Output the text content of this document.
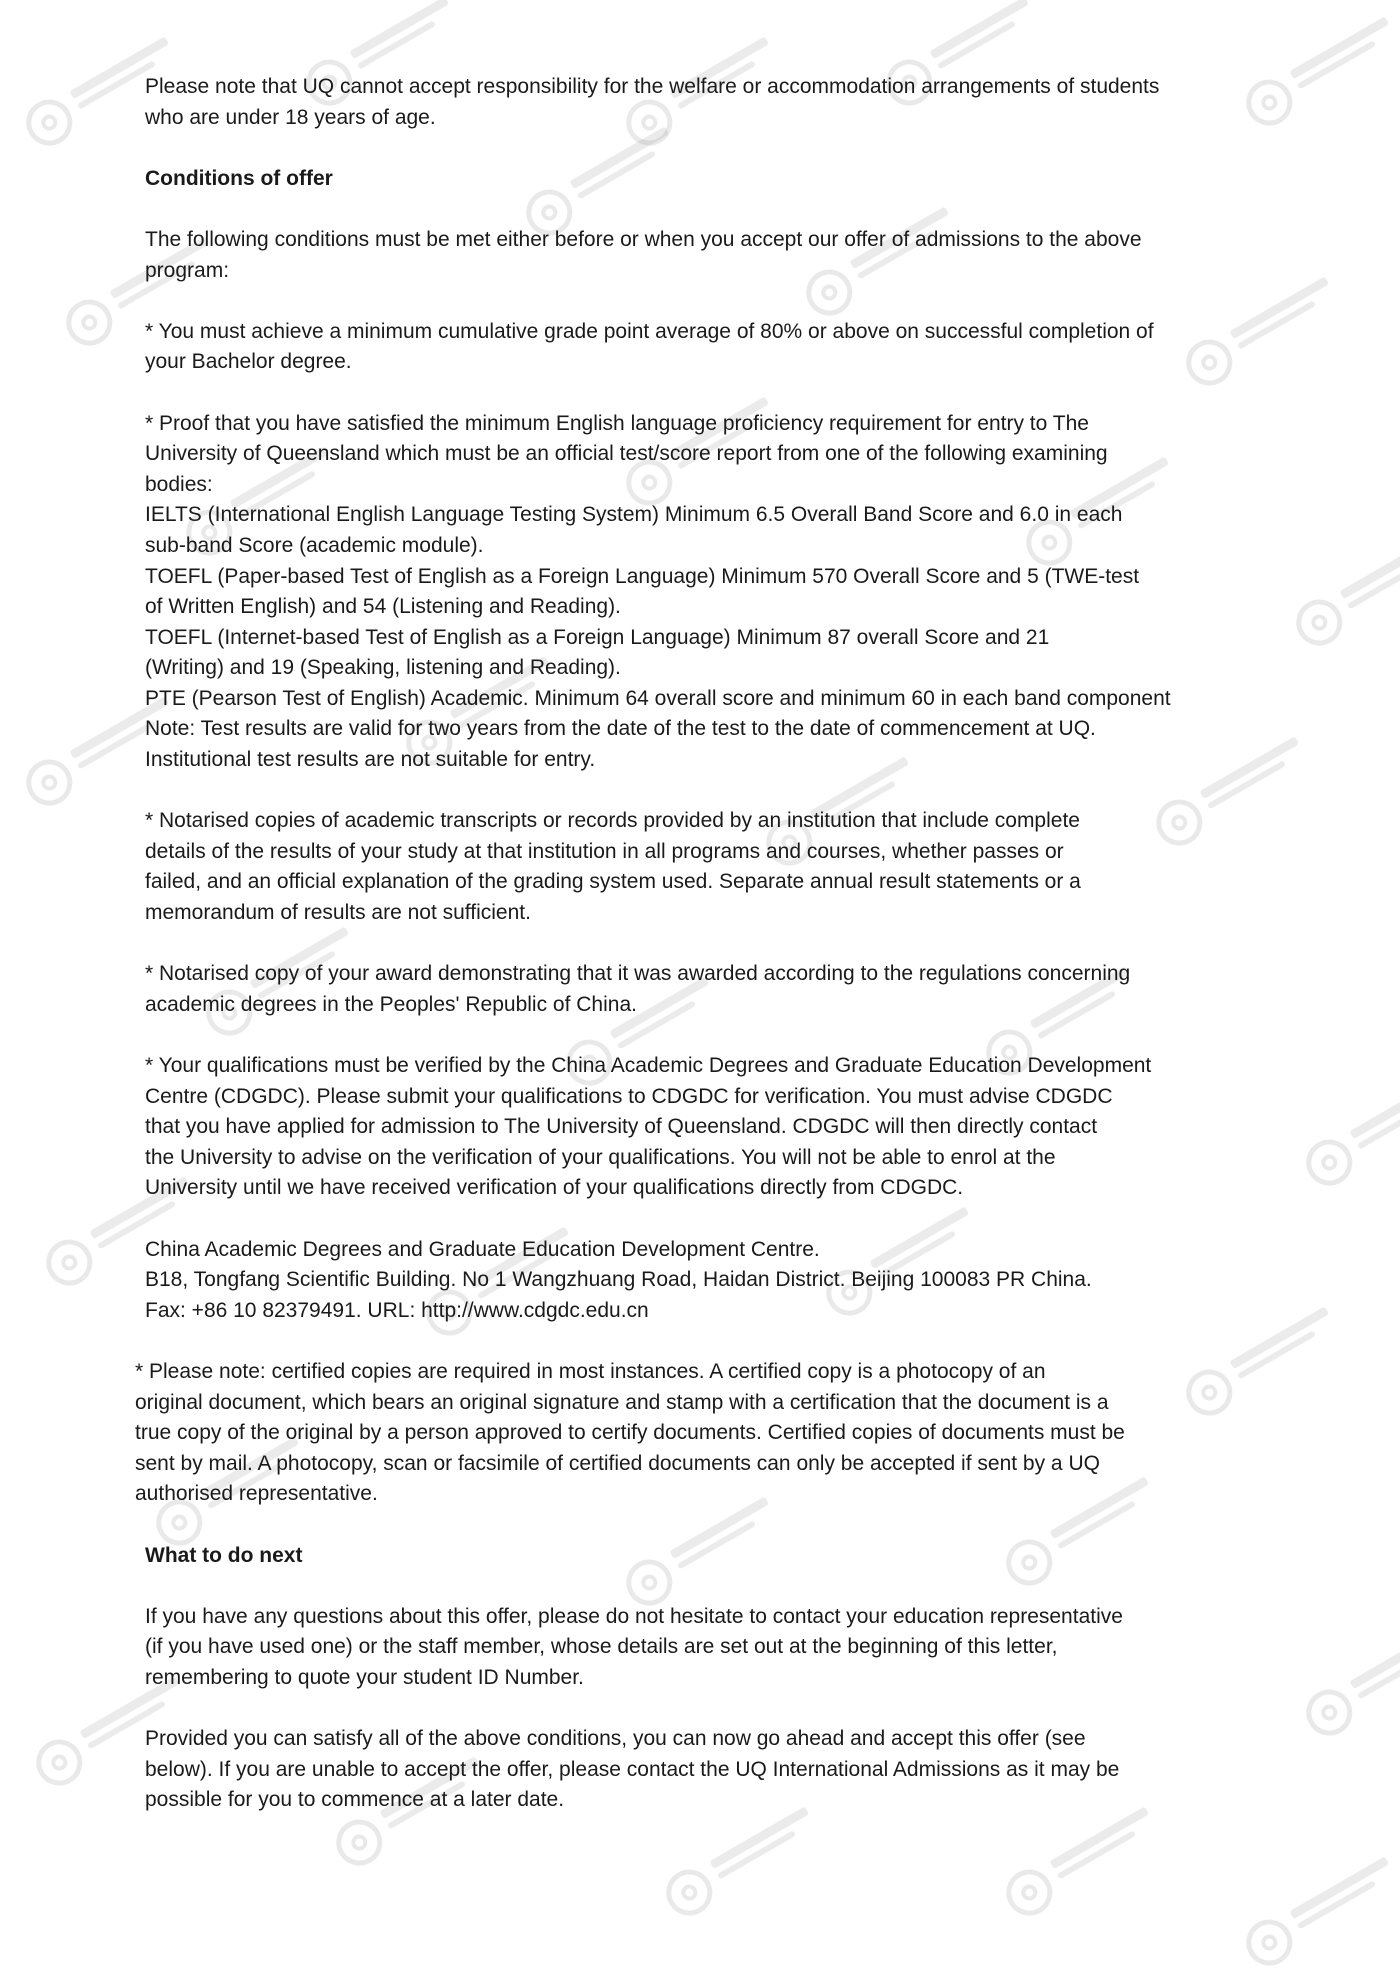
Please note that UQ cannot accept responsibility for the welfare or accommodation arrangements of students
who are under 18 years of age.
Conditions of offer
The following conditions must be met either before or when you accept our offer of admissions to the above
program:
* You must achieve a minimum cumulative grade point average of 80% or above on successful completion of
your Bachelor degree.
* Proof that you have satisfied the minimum English language proficiency requirement for entry to The
University of Queensland which must be an official test/score report from one of the following examining
bodies:
IELTS (International English Language Testing System) Minimum 6.5 Overall Band Score and 6.0 in each
sub-band Score (academic module).
TOEFL (Paper-based Test of English as a Foreign Language) Minimum 570 Overall Score and 5 (TWE-test
of Written English) and 54 (Listening and Reading).
TOEFL (Internet-based Test of English as a Foreign Language) Minimum 87 overall Score and 21
(Writing) and 19 (Speaking, listening and Reading).
PTE (Pearson Test of English) Academic. Minimum 64 overall score and minimum 60 in each band component
Note: Test results are valid for two years from the date of the test to the date of commencement at UQ.
Institutional test results are not suitable for entry.
* Notarised copies of academic transcripts or records provided by an institution that include complete
details of the results of your study at that institution in all programs and courses, whether passes or
failed, and an official explanation of the grading system used. Separate annual result statements or a
memorandum of results are not sufficient.
* Notarised copy of your award demonstrating that it was awarded according to the regulations concerning
academic degrees in the Peoples' Republic of China.
* Your qualifications must be verified by the China Academic Degrees and Graduate Education Development
Centre (CDGDC). Please submit your qualifications to CDGDC for verification. You must advise CDGDC
that you have applied for admission to The University of Queensland. CDGDC will then directly contact
the University to advise on the verification of your qualifications. You will not be able to enrol at the
University until we have received verification of your qualifications directly from CDGDC.
China Academic Degrees and Graduate Education Development Centre.
B18, Tongfang Scientific Building. No 1 Wangzhuang Road, Haidan District. Beijing 100083 PR China.
Fax: +86 10 82379491. URL: http://www.cdgdc.edu.cn
* Please note: certified copies are required in most instances. A certified copy is a photocopy of an
original document, which bears an original signature and stamp with a certification that the document is a
true copy of the original by a person approved to certify documents. Certified copies of documents must be
sent by mail. A photocopy, scan or facsimile of certified documents can only be accepted if sent by a UQ
authorised representative.
What to do next
If you have any questions about this offer, please do not hesitate to contact your education representative
(if you have used one) or the staff member, whose details are set out at the beginning of this letter,
remembering to quote your student ID Number.
Provided you can satisfy all of the above conditions, you can now go ahead and accept this offer (see
below). If you are unable to accept the offer, please contact the UQ International Admissions as it may be
possible for you to commence at a later date.
